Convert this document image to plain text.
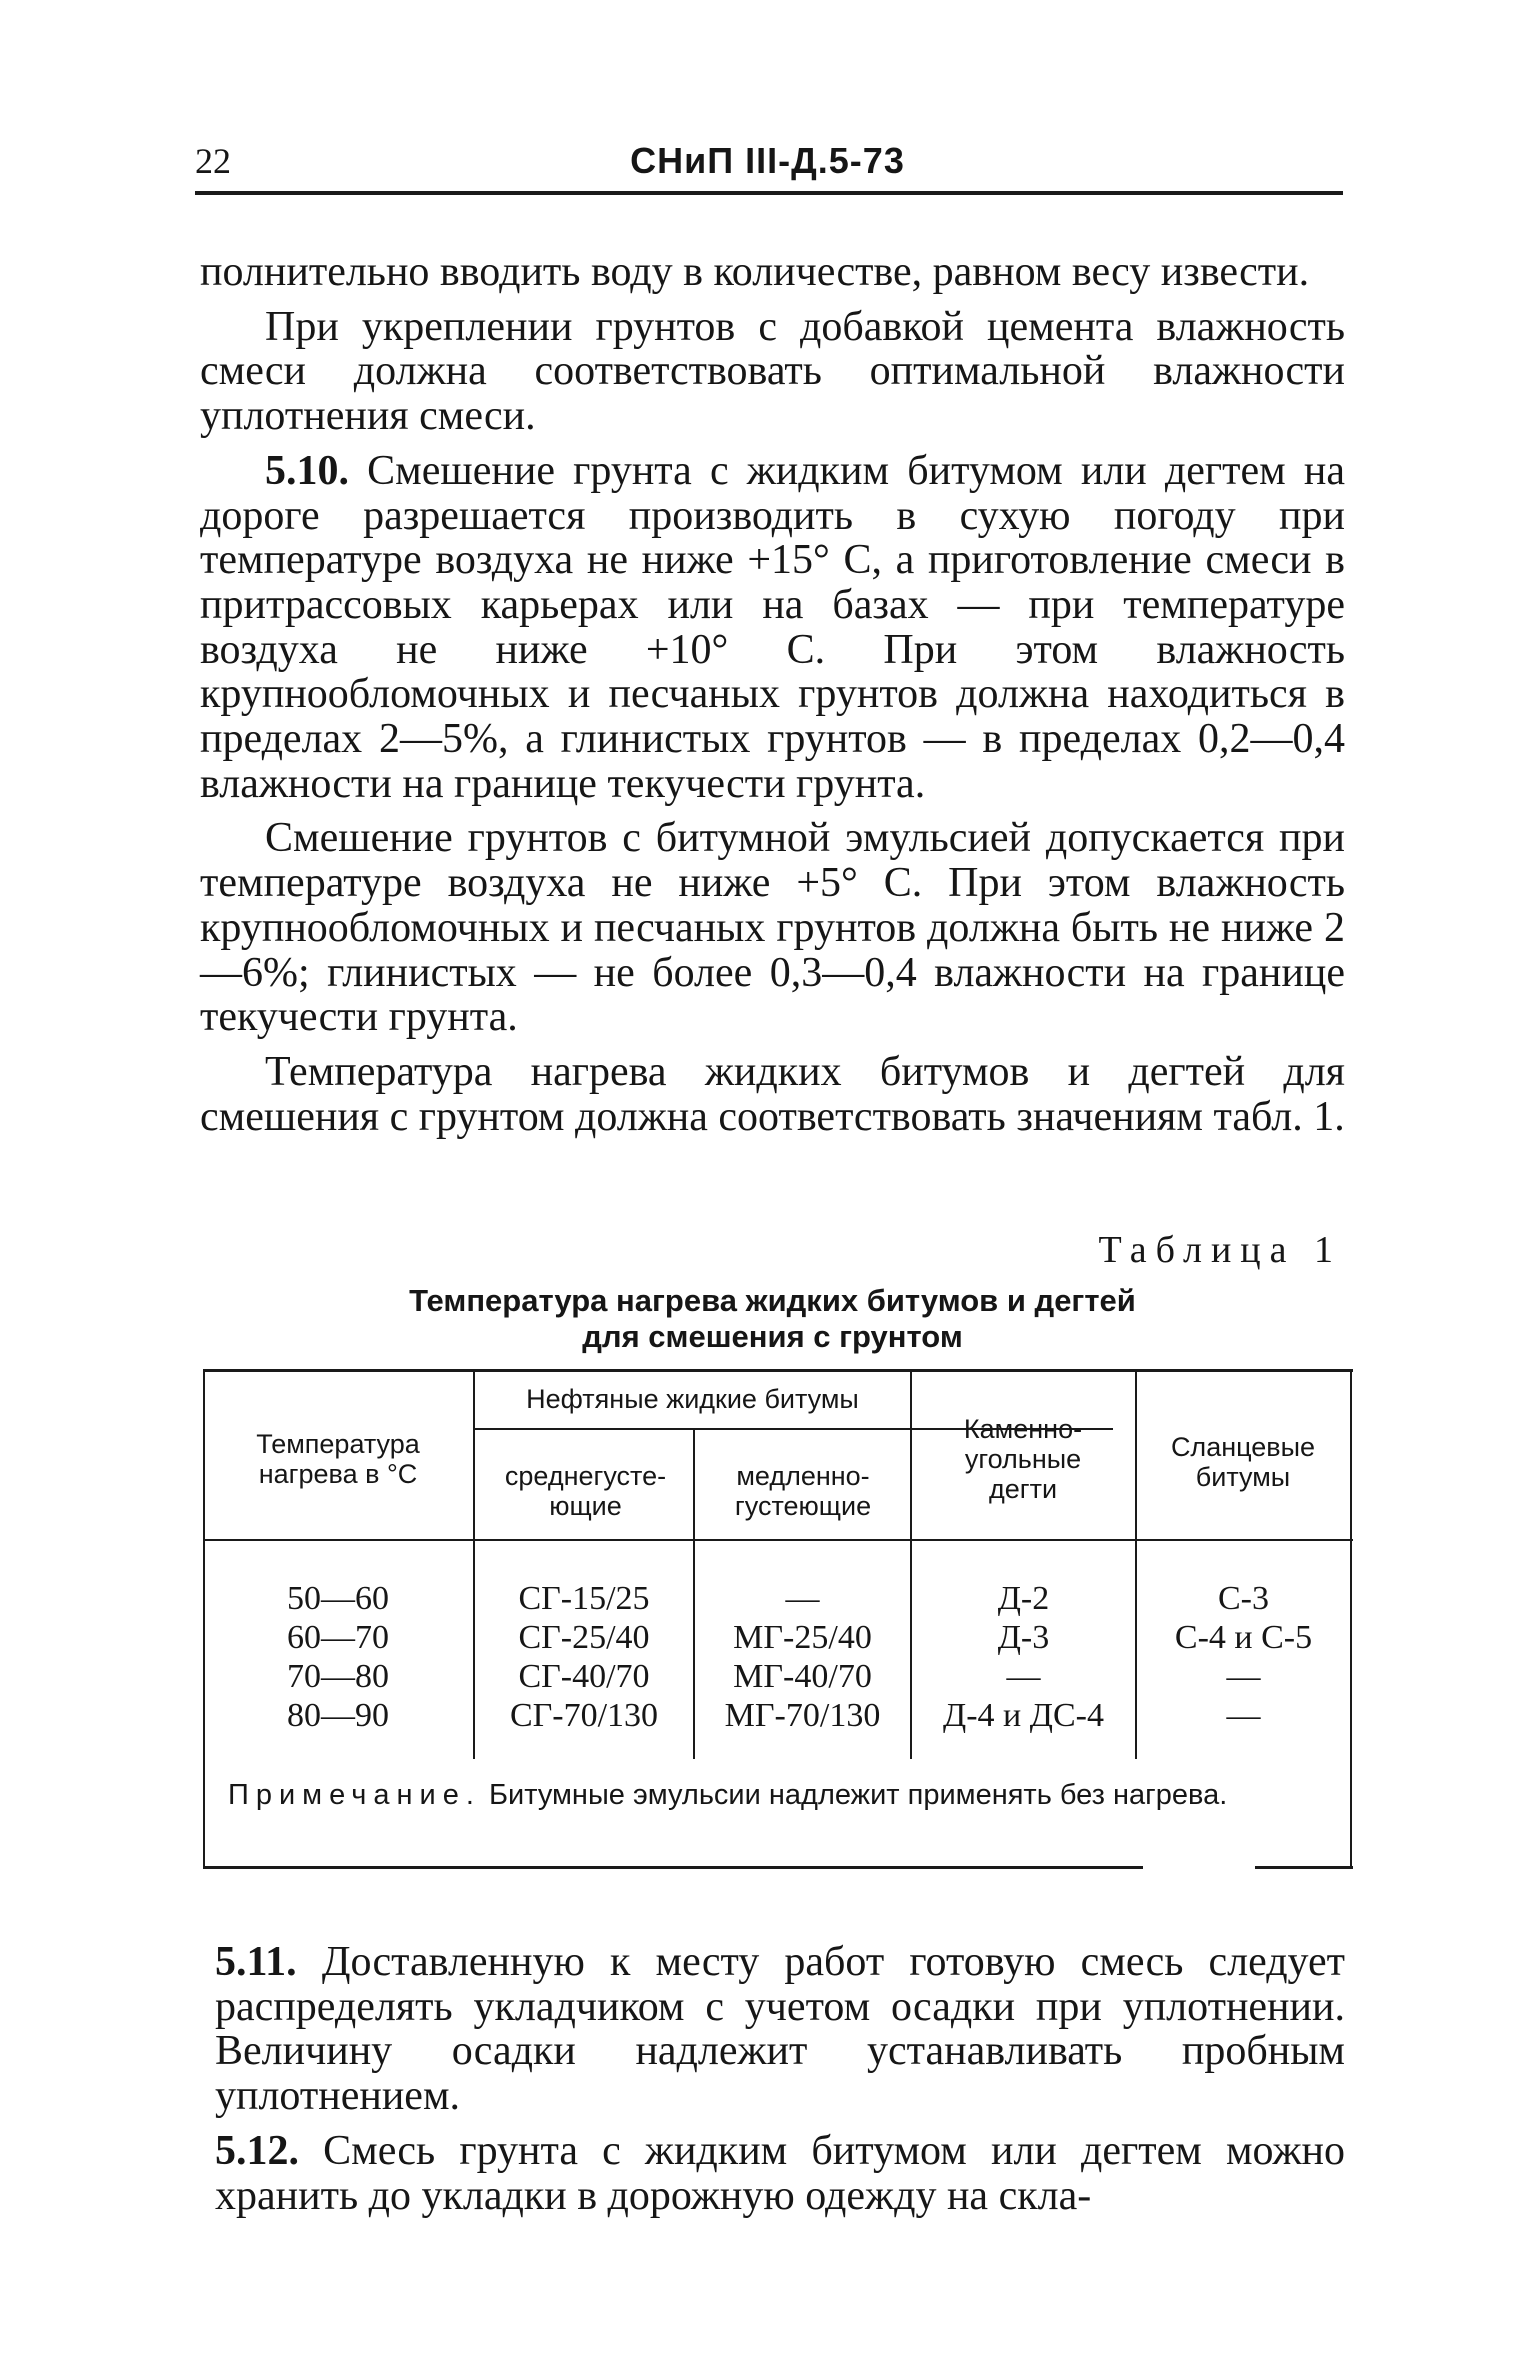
22	СНиП III-Д.5-73

полнительно вводить воду в количестве, равном весу извести.

При укреплении грунтов с добавкой цемента влажность смеси должна соответствовать оптимальной влажности уплотнения смеси.

5.10. Смешение грунта с жидким битумом или дегтем на дороге разрешается производить в сухую погоду при температуре воздуха не ниже +15° С, а приготовление смеси в притрассовых карьерах или на базах — при температуре воздуха не ниже +10° С. При этом влажность крупнообломочных и песчаных грунтов должна находиться в пределах 2—5%, а глинистых грунтов — в пределах 0,2—0,4 влажности на границе текучести грунта.

Смешение грунтов с битумной эмульсией допускается при температуре воздуха не ниже +5° С. При этом влажность крупнообломочных и песчаных грунтов должна быть не ниже 2—6%; глинистых — не более 0,3—0,4 влажности на границе текучести грунта.

Температура нагрева жидких битумов и дегтей для смешения с грунтом должна соответствовать значениям табл. 1.

Таблица 1
Температура нагрева жидких битумов и дегтей
для смешения с грунтом
Температура нагрева в °С
Нефтяные жидкие битумы
среднегусте-ющие
медленно-густеющие
Каменно-угольные дегти
Сланцевые битумы
50—60
60—70
70—80
80—90
СГ-15/25
СГ-25/40
СГ-40/70
СГ-70/130
—
МГ-25/40
МГ-40/70
МГ-70/130
Д-2
Д-3
—
Д-4 и ДС-4
С-3
С-4 и С-5
—
—
Примечание. Битумные эмульсии надлежит применять без нагрева.

5.11. Доставленную к месту работ готовую смесь следует распределять укладчиком с учетом осадки при уплотнении. Величину осадки надлежит устанавливать пробным уплотнением.

5.12. Смесь грунта с жидким битумом или дегтем можно хранить до укладки в дорожную одежду на скла-
